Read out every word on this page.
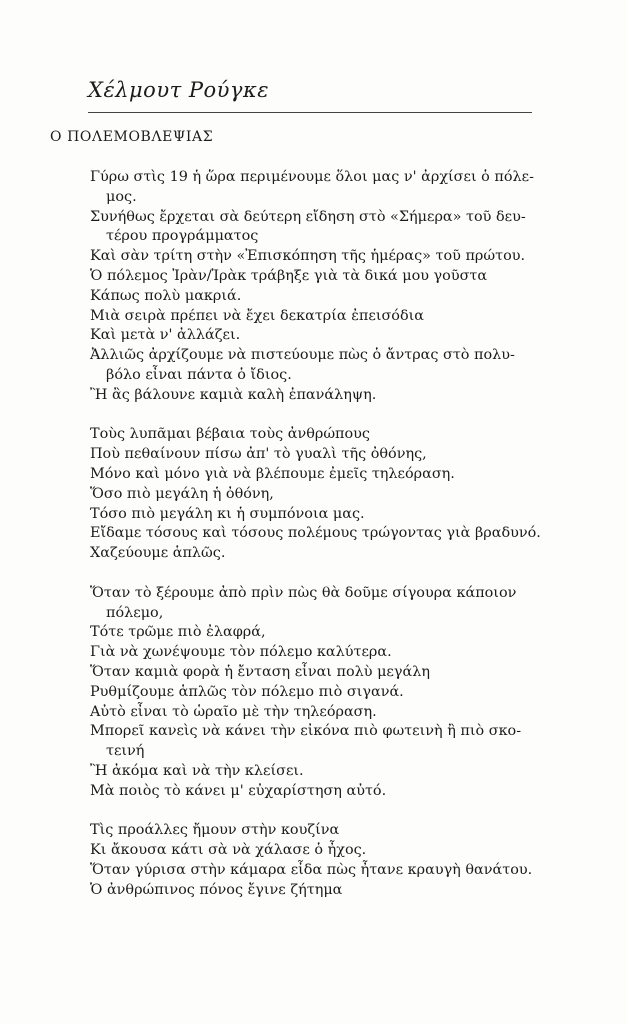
Χέλμουτ Ρούγκε
Ο ΠΟΛΕΜΟΒΛΕΨΙΑΣ
Γύρω στὶς 19 ἡ ὥρα περιμένουμε ὅλοι μας ν' ἀρχίσει ὁ πόλε-
μος.
Συνήθως ἔρχεται σὰ δεύτερη εἴδηση στὸ «Σήμερα» τοῦ δευ-
τέρου προγράμματος
Καὶ σὰν τρίτη στὴν «Ἐπισκόπηση τῆς ἡμέρας» τοῦ πρώτου.
Ὁ πόλεμος Ἰρὰν/Ἰρὰκ τράβηξε γιὰ τὰ δικά μου γοῦστα
Κάπως πολὺ μακριά.
Μιὰ σειρὰ πρέπει νὰ ἔχει δεκατρία ἐπεισόδια
Καὶ μετὰ ν' ἀλλάζει.
Ἀλλιῶς ἀρχίζουμε νὰ πιστεύουμε πὼς ὁ ἄντρας στὸ πολυ-
βόλο εἶναι πάντα ὁ ἴδιος.
Ἢ ἂς βάλουνε καμιὰ καλὴ ἐπανάληψη.
Τοὺς λυπᾶμαι βέβαια τοὺς ἀνθρώπους
Ποὺ πεθαίνουν πίσω ἀπ' τὸ γυαλὶ τῆς ὀθόνης,
Μόνο καὶ μόνο γιὰ νὰ βλέπουμε ἐμεῖς τηλεόραση.
Ὅσο πιὸ μεγάλη ἡ ὀθόνη,
Τόσο πιὸ μεγάλη κι ἡ συμπόνοια μας.
Εἴδαμε τόσους καὶ τόσους πολέμους τρώγοντας γιὰ βραδυνό.
Χαζεύουμε ἁπλῶς.
Ὅταν τὸ ξέρουμε ἀπὸ πρὶν πὼς θὰ δοῦμε σίγουρα κάποιον
πόλεμο,
Τότε τρῶμε πιὸ ἐλαφρά,
Γιὰ νὰ χωνέψουμε τὸν πόλεμο καλύτερα.
Ὅταν καμιὰ φορὰ ἡ ἔνταση εἶναι πολὺ μεγάλη
Ρυθμίζουμε ἁπλῶς τὸν πόλεμο πιὸ σιγανά.
Αὐτὸ εἶναι τὸ ὡραῖο μὲ τὴν τηλεόραση.
Μπορεῖ κανεὶς νὰ κάνει τὴν εἰκόνα πιὸ φωτεινὴ ἢ πιὸ σκο-
τεινή
Ἢ ἀκόμα καὶ νὰ τὴν κλείσει.
Μὰ ποιὸς τὸ κάνει μ' εὐχαρίστηση αὐτό.
Τὶς προάλλες ἤμουν στὴν κουζίνα
Κι ἄκουσα κάτι σὰ νὰ χάλασε ὁ ἦχος.
Ὅταν γύρισα στὴν κάμαρα εἶδα πὼς ἦτανε κραυγὴ θανάτου.
Ὁ ἀνθρώπινος πόνος ἔγινε ζήτημα
